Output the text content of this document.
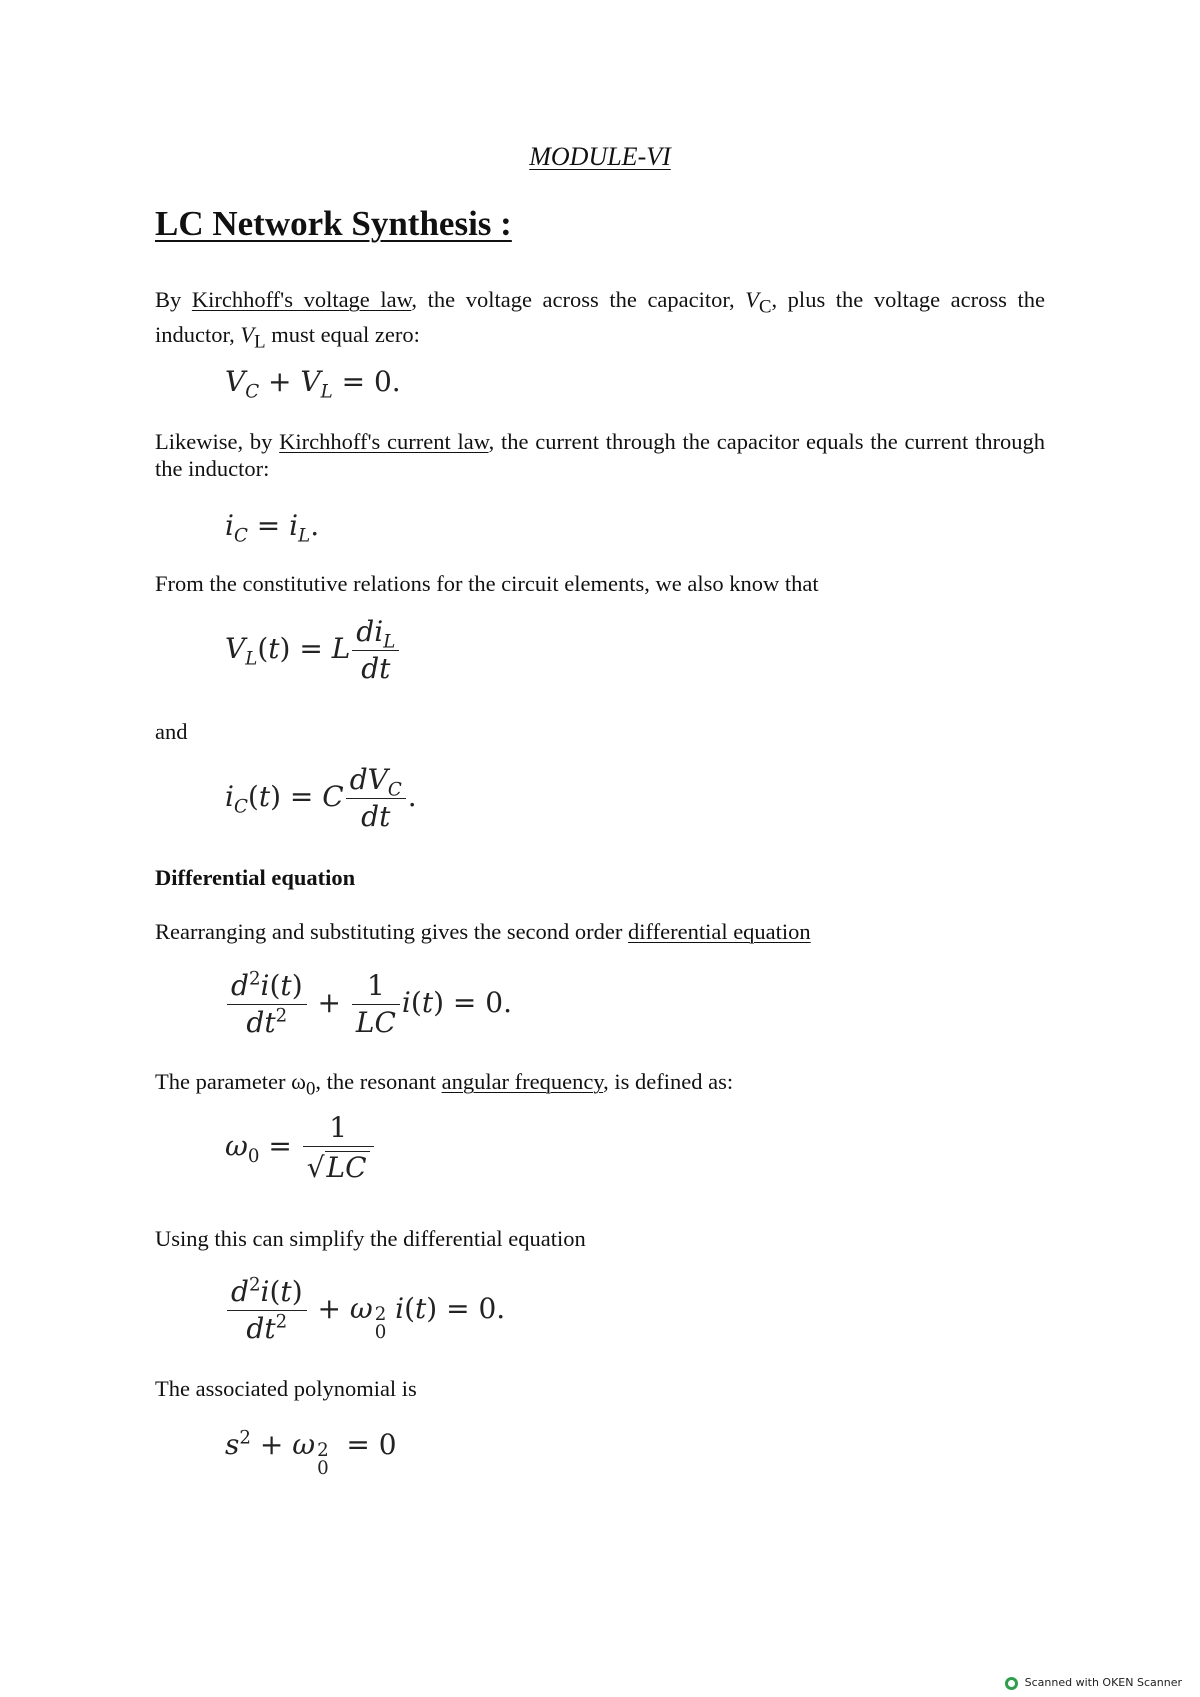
MODULE-VI
LC Network Synthesis :
By Kirchhoff's voltage law, the voltage across the capacitor, $V_C$, plus the voltage across the inductor, $V_L$ must equal zero:
$V_C + V_L = 0$.
Likewise, by Kirchhoff's current law, the current through the capacitor equals the current through the inductor:
$i_C = i_L$.
From the constitutive relations for the circuit elements, we also know that
$V_L(t) = L \frac{di_L}{dt}$
and
$i_C(t) = C \frac{dV_C}{dt}$ .
Differential equation
Rearranging and substituting gives the second order differential equation
$\frac{d^2i(t)}{dt^2} + \frac{1}{LC} i(t) = 0$.
The parameter $\omega_0$, the resonant angular frequency, is defined as:
$\omega_0 = \frac{1}{√LC}$
Using this can simplify the differential equation
$\frac{d^2i(t)}{dt^2} + \omega$ 2
0
i(t) = 0.
The associated polynomial is
$s^2 + \omega$ 2
0
= 0
Scanned with OKEN Scanner
